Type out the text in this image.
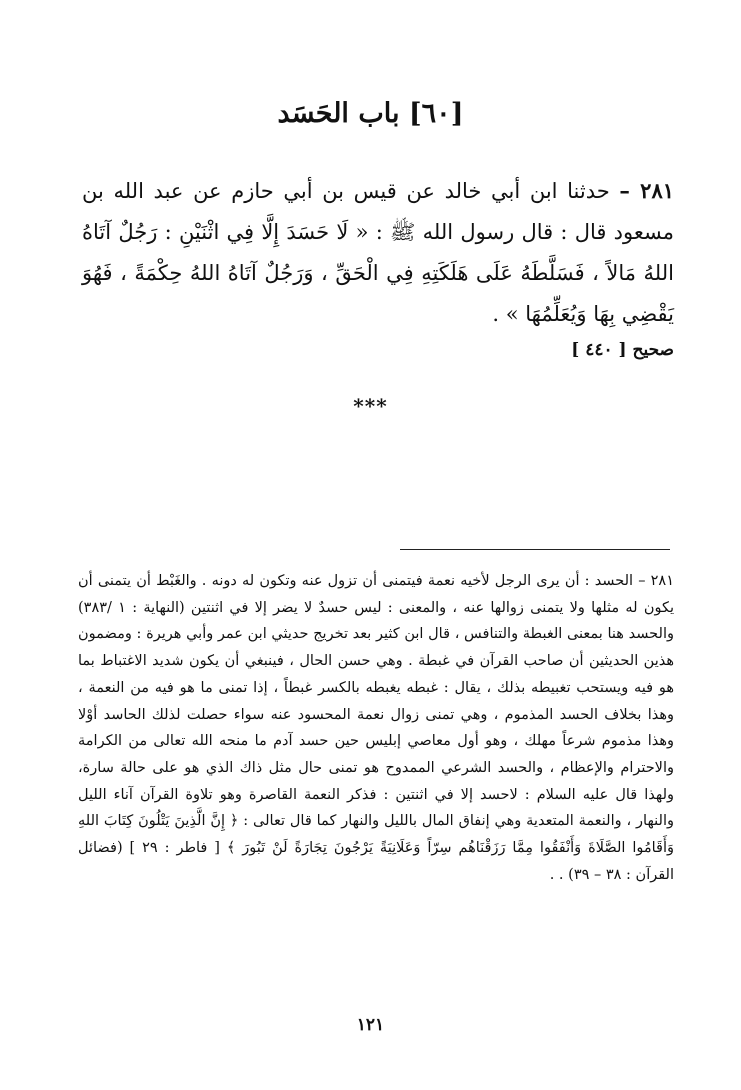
[٦٠] باب الحَسَد

٢٨١ – حدثنا ابن أبي خالد عن قيس بن أبي حازم عن عبد الله بن مسعود قال : قال رسول الله ﷺ : « لَا حَسَدَ إِلَّا فِي اثْنَيْنِ : رَجُلٌ آتَاهُ اللهُ مَالاً ، فَسَلَّطَهُ عَلَى هَلَكَتِهِ فِي الْحَقِّ ، وَرَجُلٌ آتَاهُ اللهُ حِكْمَةً ، فَهُوَ يَقْضِي بِهَا وَيُعَلِّمُهَا » .

صحيح [ ٤٤٠ ]

***

٢٨١ – الحسد : أن يرى الرجل لأخيه نعمة فيتمنى أن تزول عنه وتكون له دونه . والغَبْط أن يتمنى أن يكون له مثلها ولا يتمنى زوالها عنه ، والمعنى : ليس حسدٌ لا يضر إلا في اثنتين (النهاية : ١ /٣٨٣) والحسد هنا بمعنى الغبطة والتنافس ، قال ابن كثير بعد تخريج حديثي ابن عمر وأبي هريرة : ومضمون هذين الحديثين أن صاحب القرآن في غبطة . وهي حسن الحال ، فينبغي أن يكون شديد الاغتباط بما هو فيه ويستحب تغبيطه بذلك ، يقال : غبطه يغبطه بالكسر غبطاً ، إذا تمنى ما هو فيه من النعمة ، وهذا بخلاف الحسد المذموم ، وهي تمنى زوال نعمة المحسود عنه سواء حصلت لذلك الحاسد أوْلا وهذا مذموم شرعاً مهلك ، وهو أول معاصي إبليس حين حسد آدم ما منحه الله تعالى من الكرامة والاحترام والإعظام ، والحسد الشرعي الممدوح هو تمنى حال مثل ذاك الذي هو على حالة سارة، ولهذا قال عليه السلام : لاحسد إلا في اثنتين : فذكر النعمة القاصرة وهو تلاوة القرآن آناء الليل والنهار ، والنعمة المتعدية وهي إنفاق المال بالليل والنهار كما قال تعالى : ﴿ إِنَّ الَّذِينَ يَتْلُونَ كِتَابَ اللهِ وَأَقَامُوا الصَّلَاةَ وَأَنْفَقُوا مِمَّا رَزَقْنَاهُم سِرّاً وَعَلَانِيَةً يَرْجُونَ تِجَارَةً لَنْ تَبُورَ ﴾ [ فاطر : ٢٩ ] (فضائل القرآن : ٣٨ – ٣٩) . .

١٢١
